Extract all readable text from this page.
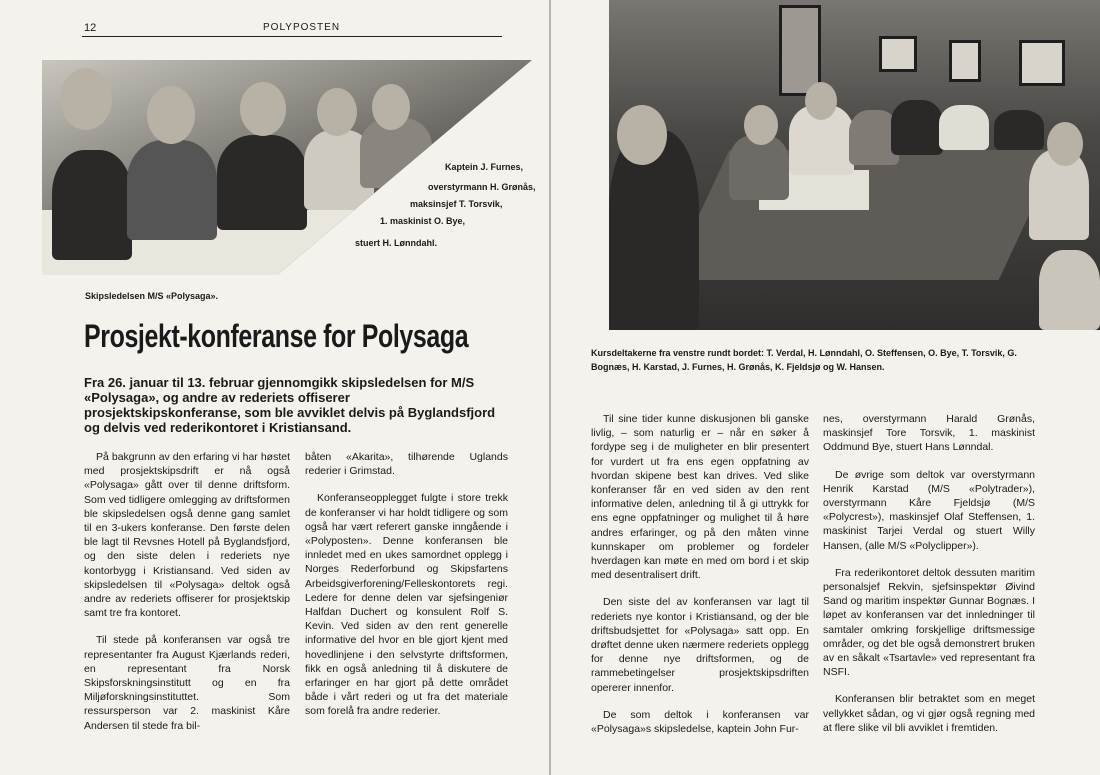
12	POLYPOSTEN
Kaptein J. Furnes,
overstyrmann H. Grønås,
maksinsjef T. Torsvik,
1. maskinist O. Bye,
stuert H. Lønndahl.
Skipsledelsen M/S «Polysaga».
Prosjekt-konferanse for Polysaga
Fra 26. januar til 13. februar gjennomgikk skipsledelsen for M/S «Polysaga», og andre av rederiets offiserer prosjektskipskonferanse, som ble avviklet delvis på Byglandsfjord og delvis ved rederikontoret i Kristiansand.

På bakgrunn av den erfaring vi har høstet med prosjektskipsdrift er nå også «Polysaga» gått over til denne driftsform. Som ved tidligere omlegging av driftsformen ble skipsledelsen også denne gang samlet til en 3-ukers konferanse. Den første delen ble lagt til Revsnes Hotell på Byglandsfjord, og den siste delen i rederiets nye kontorbygg i Kristiansand. Ved siden av skipsledelsen til «Polysaga» deltok også andre av rederiets offiserer for prosjektskip samt tre fra kontoret.

Til stede på konferansen var også tre representanter fra August Kjærlands rederi, en representant fra Norsk Skipsforskningsinstitutt og en fra Miljøforskningsinstituttet. Som ressursperson var 2. maskinist Kåre Andersen til stede fra bil-

båten «Akarita», tilhørende Uglands rederier i Grimstad.

Konferanseopplegget fulgte i store trekk de konferanser vi har holdt tidligere og som også har vært referert ganske inngående i «Polyposten». Denne konferansen ble innledet med en ukes samordnet opplegg i Norges Rederforbund og Skipsfartens Arbeidsgiverforening/Felleskontorets regi. Ledere for denne delen var sjefsingeniør Halfdan Duchert og konsulent Rolf S. Kevin. Ved siden av den rent generelle informative del hvor en ble gjort kjent med hovedlinjene i den selvstyrte driftsformen, fikk en også anledning til å diskutere de erfaringer en har gjort på dette området både i vårt rederi og ut fra det materiale som forelå fra andre rederier.

Kursdeltakerne fra venstre rundt bordet: T. Verdal, H. Lønndahl, O. Steffensen, O. Bye, T. Torsvik, G. Bognæs, H. Karstad, J. Furnes, H. Grønås, K. Fjeldsjø og W. Hansen.

Til sine tider kunne diskusjonen bli ganske livlig, – som naturlig er – når en søker å fordype seg i de muligheter en blir presentert for vurdert ut fra ens egen oppfatning av hvordan skipene best kan drives. Ved slike konferanser får en ved siden av den rent informative delen, anledning til å gi uttrykk for ens egne oppfatninger og mulighet til å høre andres erfaringer, og på den måten vinne kunnskaper om problemer og fordeler hverdagen kan møte en med om bord i et skip med desentralisert drift.

Den siste del av konferansen var lagt til rederiets nye kontor i Kristiansand, og der ble driftsbudsjettet for «Polysaga» satt opp. En drøftet denne uken nærmere rederiets opplegg for denne nye driftsformen, og de rammebetingelser prosjektskipsdriften opererer innenfor.

De som deltok i konferansen var «Polysaga»s skipsledelse, kaptein John Fur-

nes, overstyrmann Harald Grønås, maskinsjef Tore Torsvik, 1. maskinist Oddmund Bye, stuert Hans Lønndal.

De øvrige som deltok var overstyrmann Henrik Karstad (M/S «Polytrader»), overstyrmann Kåre Fjeldsjø (M/S «Polycrest»), maskinsjef Olaf Steffensen, 1. maskinist Tarjei Verdal og stuert Willy Hansen, (alle M/S «Polyclipper»).

Fra rederikontoret deltok dessuten maritim personalsjef Rekvin, sjefsinspektør Øivind Sand og maritim inspektør Gunnar Bognæs. I løpet av konferansen var det innledninger til samtaler omkring forskjellige driftsmessige områder, og det ble også demonstrert bruken av en såkalt «Tsartavle» ved representant fra NSFI.

Konferansen blir betraktet som en meget vellykket sådan, og vi gjør også regning med at flere slike vil bli avviklet i fremtiden.
